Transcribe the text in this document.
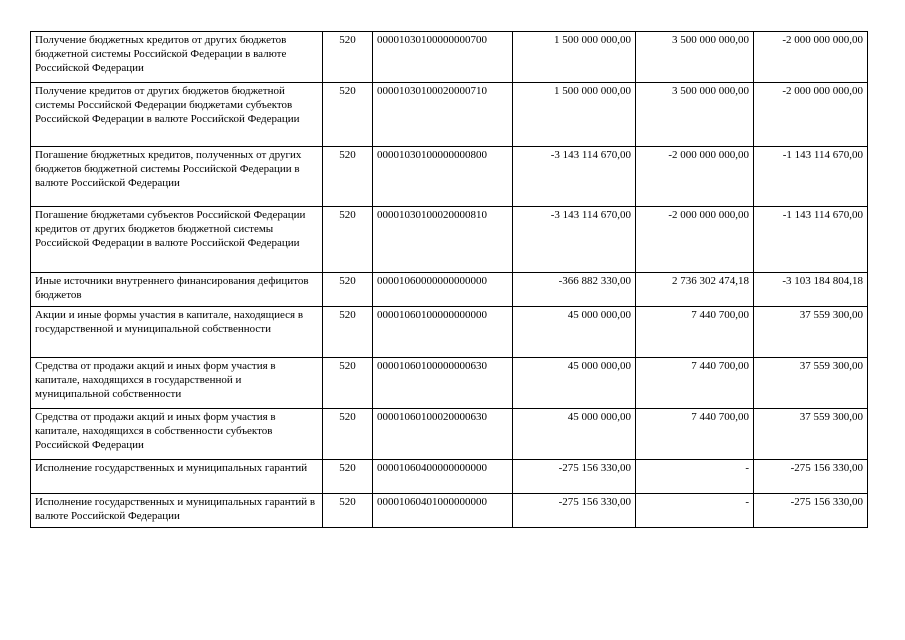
Получение бюджетных кредитов от других бюджетов бюджетной системы Российской Федерации в валюте Российской Федерации	520	00001030100000000700	1 500 000 000,00	3 500 000 000,00	-2 000 000 000,00
Получение кредитов от других бюджетов бюджетной системы Российской Федерации бюджетами субъектов Российской Федерации в валюте Российской Федерации	520	00001030100020000710	1 500 000 000,00	3 500 000 000,00	-2 000 000 000,00
Погашение бюджетных кредитов, полученных от других бюджетов бюджетной системы Российской Федерации в валюте Российской Федерации	520	00001030100000000800	-3 143 114 670,00	-2 000 000 000,00	-1 143 114 670,00
Погашение бюджетами субъектов Российской Федерации кредитов от других бюджетов бюджетной системы Российской Федерации в валюте Российской Федерации	520	00001030100020000810	-3 143 114 670,00	-2 000 000 000,00	-1 143 114 670,00
Иные источники внутреннего финансирования дефицитов бюджетов	520	00001060000000000000	-366 882 330,00	2 736 302 474,18	-3 103 184 804,18
Акции и иные формы участия в капитале, находящиеся в государственной и муниципальной собственности	520	00001060100000000000	45 000 000,00	7 440 700,00	37 559 300,00
Средства от продажи акций и иных форм участия в капитале, находящихся в государственной и муниципальной собственности	520	00001060100000000630	45 000 000,00	7 440 700,00	37 559 300,00
Средства от продажи акций и иных форм участия в капитале, находящихся в собственности субъектов Российской Федерации	520	00001060100020000630	45 000 000,00	7 440 700,00	37 559 300,00
Исполнение государственных и муниципальных гарантий	520	00001060400000000000	-275 156 330,00	-	-275 156 330,00
Исполнение государственных и муниципальных гарантий в валюте Российской Федерации	520	00001060401000000000	-275 156 330,00	-	-275 156 330,00
